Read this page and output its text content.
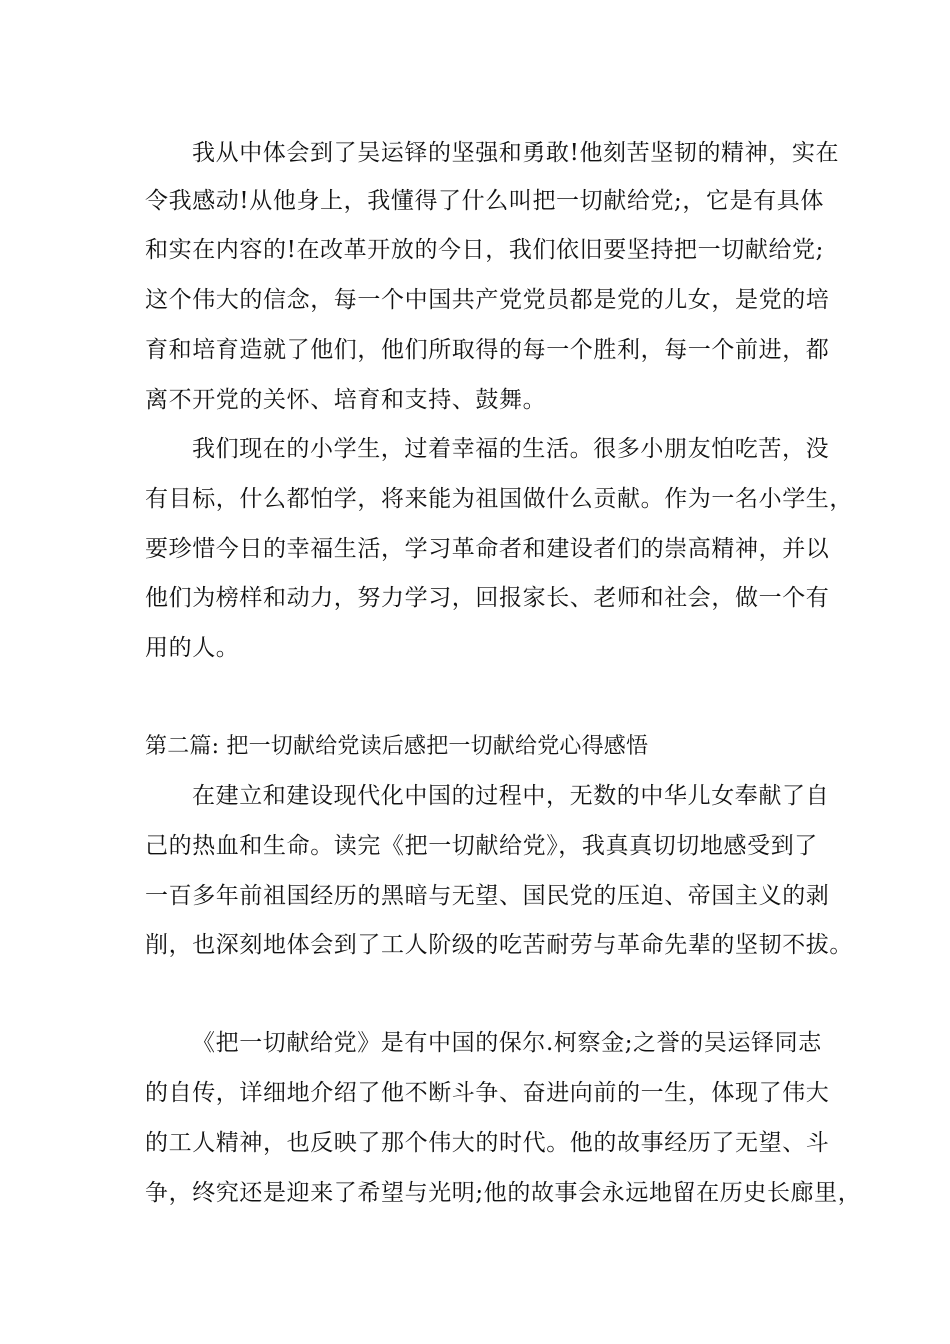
我从中体会到了吴运铎的坚强和勇敢!他刻苦坚韧的精神，实在
令我感动!从他身上，我懂得了什么叫把一切献给党;，它是有具体
和实在内容的!在改革开放的今日，我们依旧要坚持把一切献给党;
这个伟大的信念，每一个中国共产党党员都是党的儿女，是党的培
育和培育造就了他们，他们所取得的每一个胜利，每一个前进，都
离不开党的关怀、培育和支持、鼓舞。
我们现在的小学生，过着幸福的生活。很多小朋友怕吃苦，没
有目标，什么都怕学，将来能为祖国做什么贡献。作为一名小学生，
要珍惜今日的幸福生活，学习革命者和建设者们的崇高精神，并以
他们为榜样和动力，努力学习，回报家长、老师和社会，做一个有
用的人。
第二篇: 把一切献给党读后感把一切献给党心得感悟
在建立和建设现代化中国的过程中，无数的中华儿女奉献了自
己的热血和生命。读完《把一切献给党》，我真真切切地感受到了
一百多年前祖国经历的黑暗与无望、国民党的压迫、帝国主义的剥
削，也深刻地体会到了工人阶级的吃苦耐劳与革命先辈的坚韧不拔。
《把一切献给党》是有中国的保尔.柯察金;之誉的吴运铎同志
的自传，详细地介绍了他不断斗争、奋进向前的一生，体现了伟大
的工人精神，也反映了那个伟大的时代。他的故事经历了无望、斗
争，终究还是迎来了希望与光明;他的故事会永远地留在历史长廊里，
